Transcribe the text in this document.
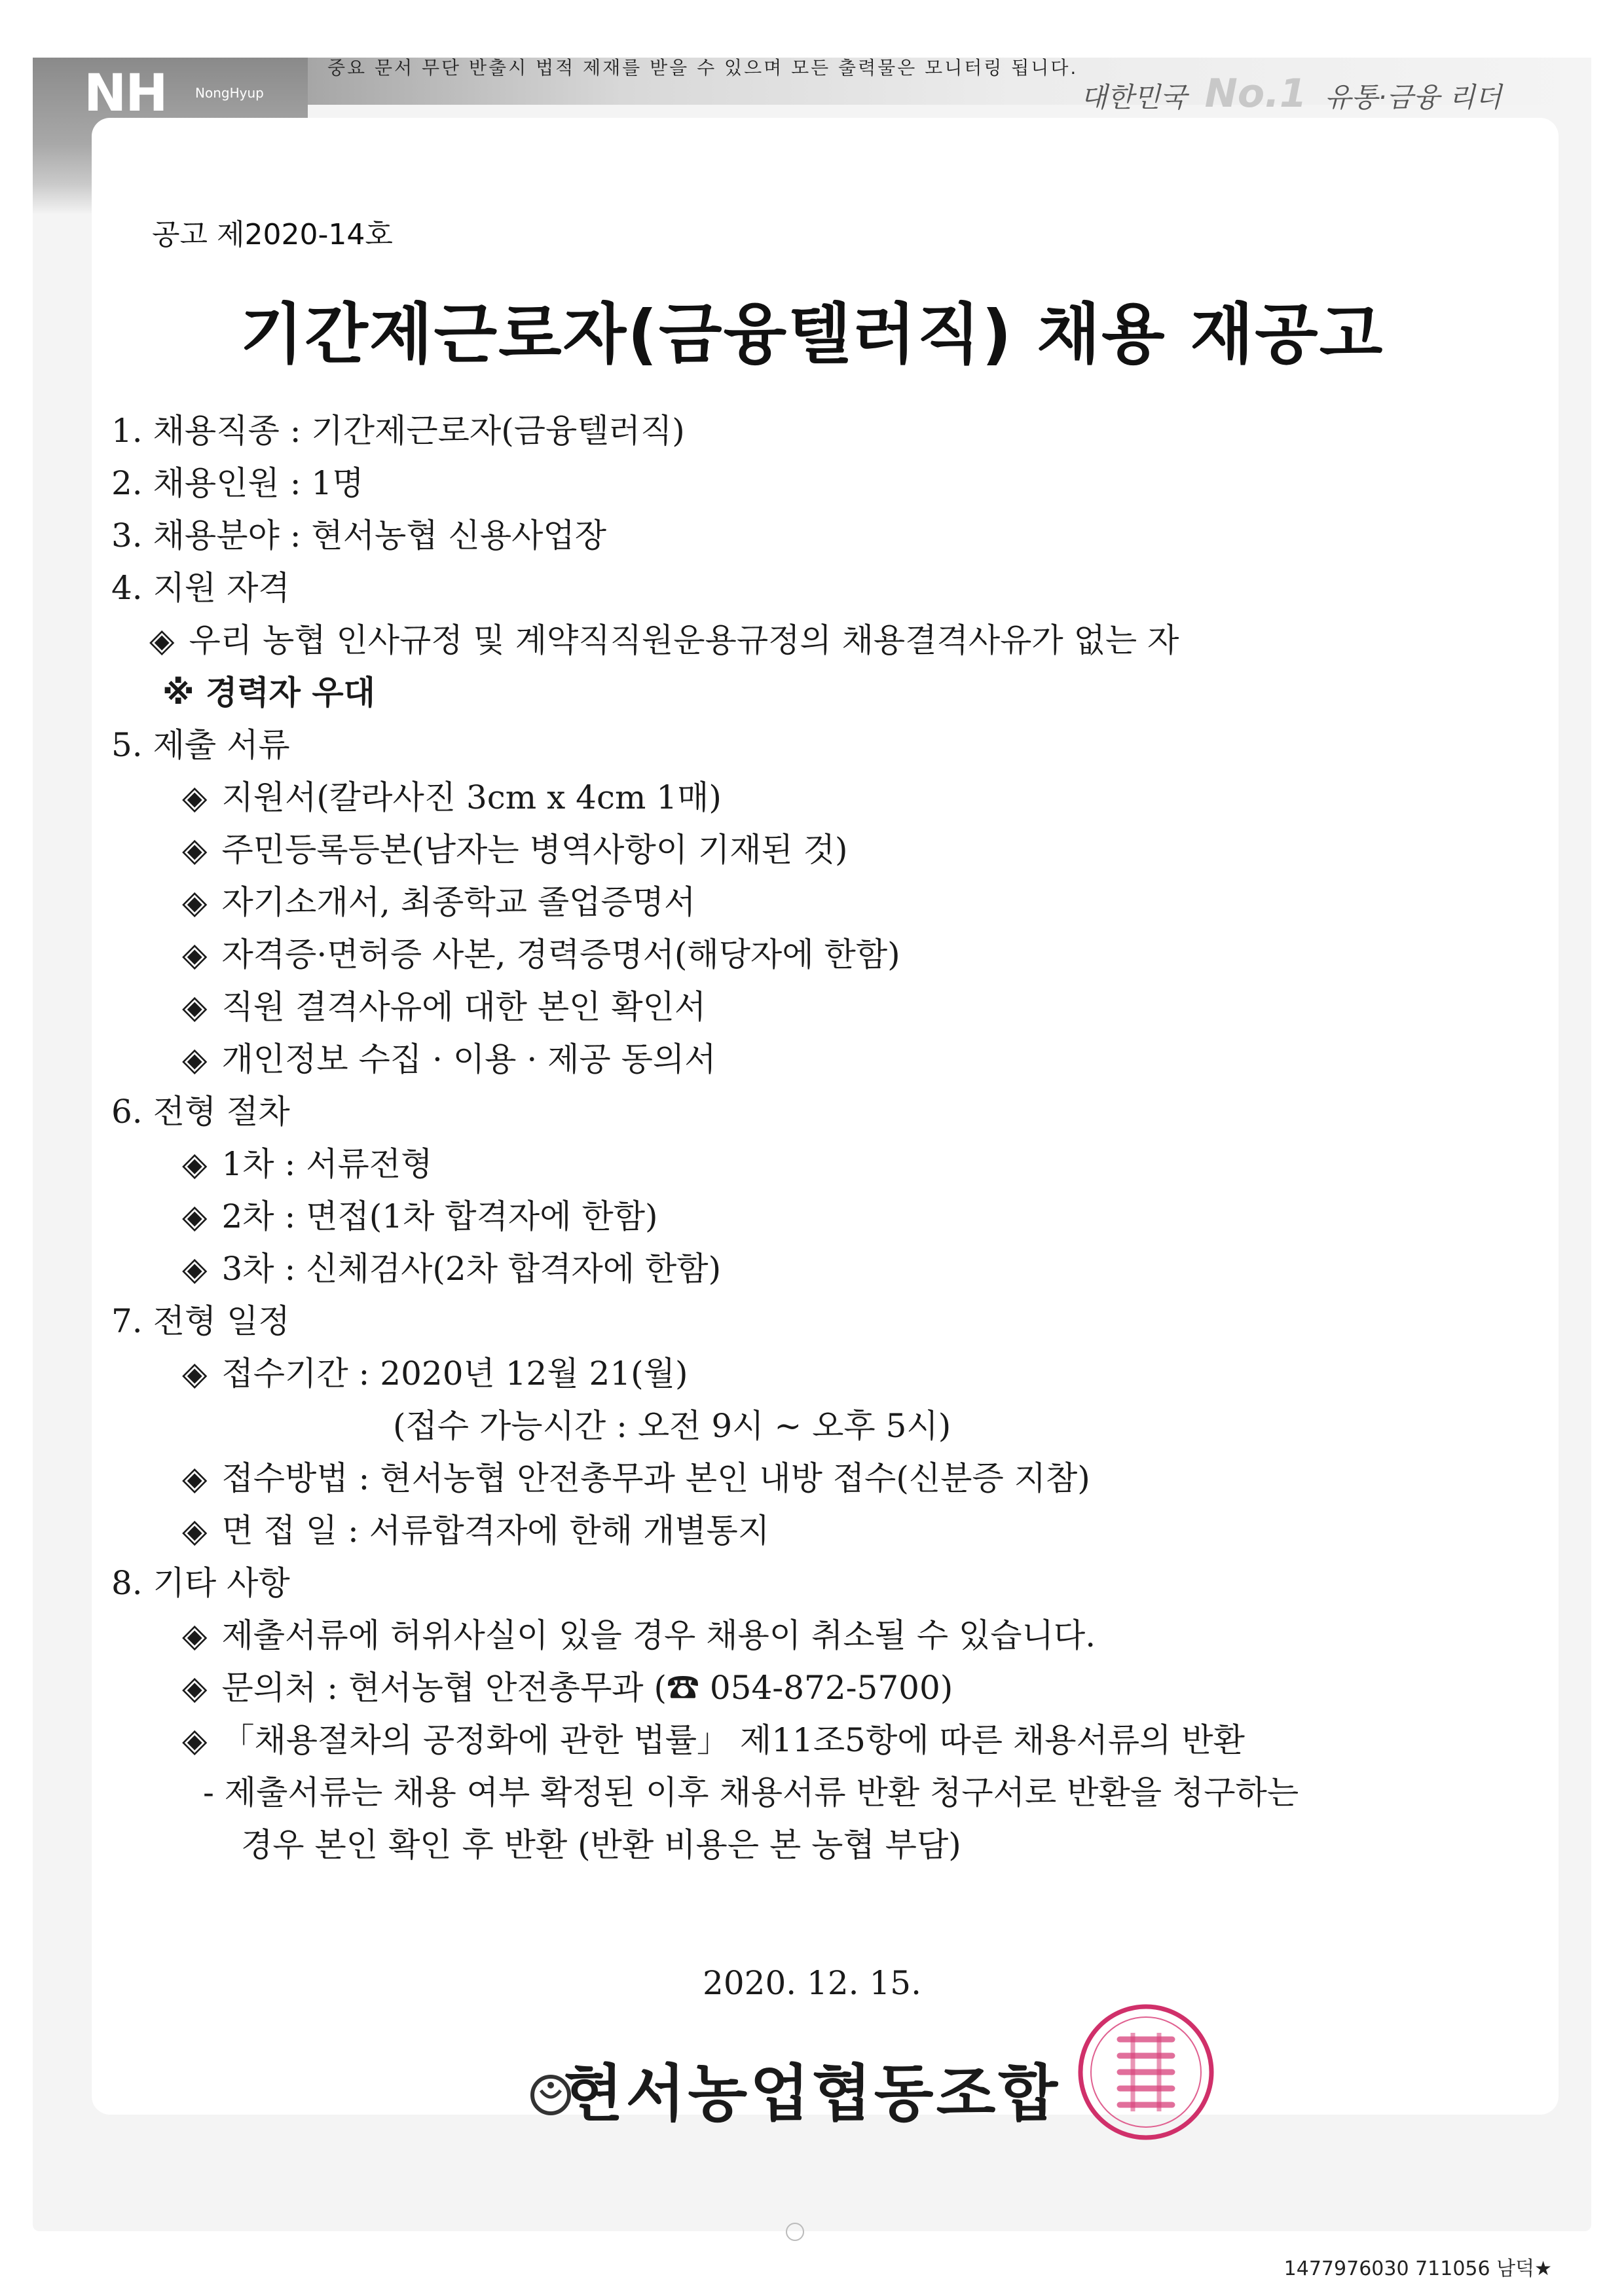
NH NongHyup
중요 문서 무단 반출시 법적 제재를 받을 수 있으며 모든 출력물은 모니터링 됩니다.
대한민국 No.1 유통·금융 리더
공고 제2020-14호
기간제근로자(금융텔러직) 채용 재공고
1. 채용직종 : 기간제근로자(금융텔러직)
2. 채용인원 : 1명
3. 채용분야 : 현서농협 신용사업장
4. 지원 자격
◈ 우리 농협 인사규정 및 계약직직원운용규정의 채용결격사유가 없는 자
※ 경력자 우대
5. 제출 서류
◈ 지원서(칼라사진 3cm x 4cm 1매)
◈ 주민등록등본(남자는 병역사항이 기재된 것)
◈ 자기소개서, 최종학교 졸업증명서
◈ 자격증·면허증 사본, 경력증명서(해당자에 한함)
◈ 직원 결격사유에 대한 본인 확인서
◈ 개인정보 수집 · 이용 · 제공 동의서
6. 전형 절차
◈ 1차 : 서류전형
◈ 2차 : 면접(1차 합격자에 한함)
◈ 3차 : 신체검사(2차 합격자에 한함)
7. 전형 일정
◈ 접수기간 : 2020년 12월 21(월)
(접수 가능시간 : 오전 9시 ~ 오후 5시)
◈ 접수방법 : 현서농협 안전총무과 본인 내방 접수(신분증 지참)
◈ 면 접 일 : 서류합격자에 한해 개별통지
8. 기타 사항
◈ 제출서류에 허위사실이 있을 경우 채용이 취소될 수 있습니다.
◈ 문의처 : 현서농협 안전총무과 (☎ 054-872-5700)
◈ 「채용절차의 공정화에 관한 법률」 제11조5항에 따른 채용서류의 반환
- 제출서류는 채용 여부 확정된 이후 채용서류 반환 청구서로 반환을 청구하는
경우 본인 확인 후 반환 (반환 비용은 본 농협 부담)
2020. 12. 15.
현서농업협동조합
1477976030 711056 남덕★
